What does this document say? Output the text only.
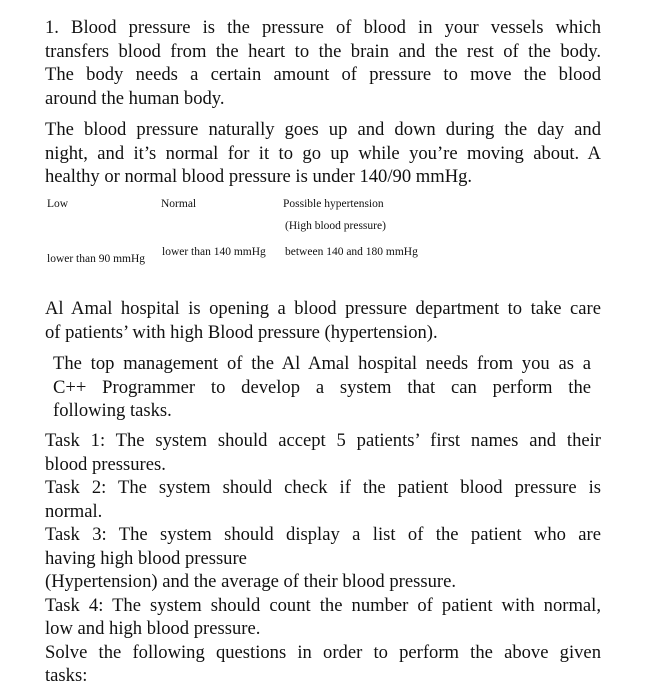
1. Blood pressure is the pressure of blood in your vessels which
transfers blood from the heart to the brain and the rest of the body.
The body needs a certain amount of pressure to move the blood
around the human body.
The blood pressure naturally goes up and down during the day and
night, and it’s normal for it to go up while you’re moving about. A
healthy or normal blood pressure is under 140/90 mmHg.
Low	Normal	Possible hypertension
(High blood pressure)
lower than 90 mmHg
lower than 140 mmHg between 140 and 180 mmHg
Al Amal hospital is opening a blood pressure department to take care
of patients’ with high Blood pressure (hypertension).
The top management of the Al Amal hospital needs from you as a
C++ Programmer to develop a system that can perform the
following tasks.
Task 1: The system should accept 5 patients’ first names and their
blood pressures.
Task 2: The system should check if the patient blood pressure is
normal.
Task 3: The system should display a list of the patient who are
having high blood pressure
(Hypertension) and the average of their blood pressure.
Task 4: The system should count the number of patient with normal,
low and high blood pressure.
Solve the following questions in order to perform the above given
tasks:
